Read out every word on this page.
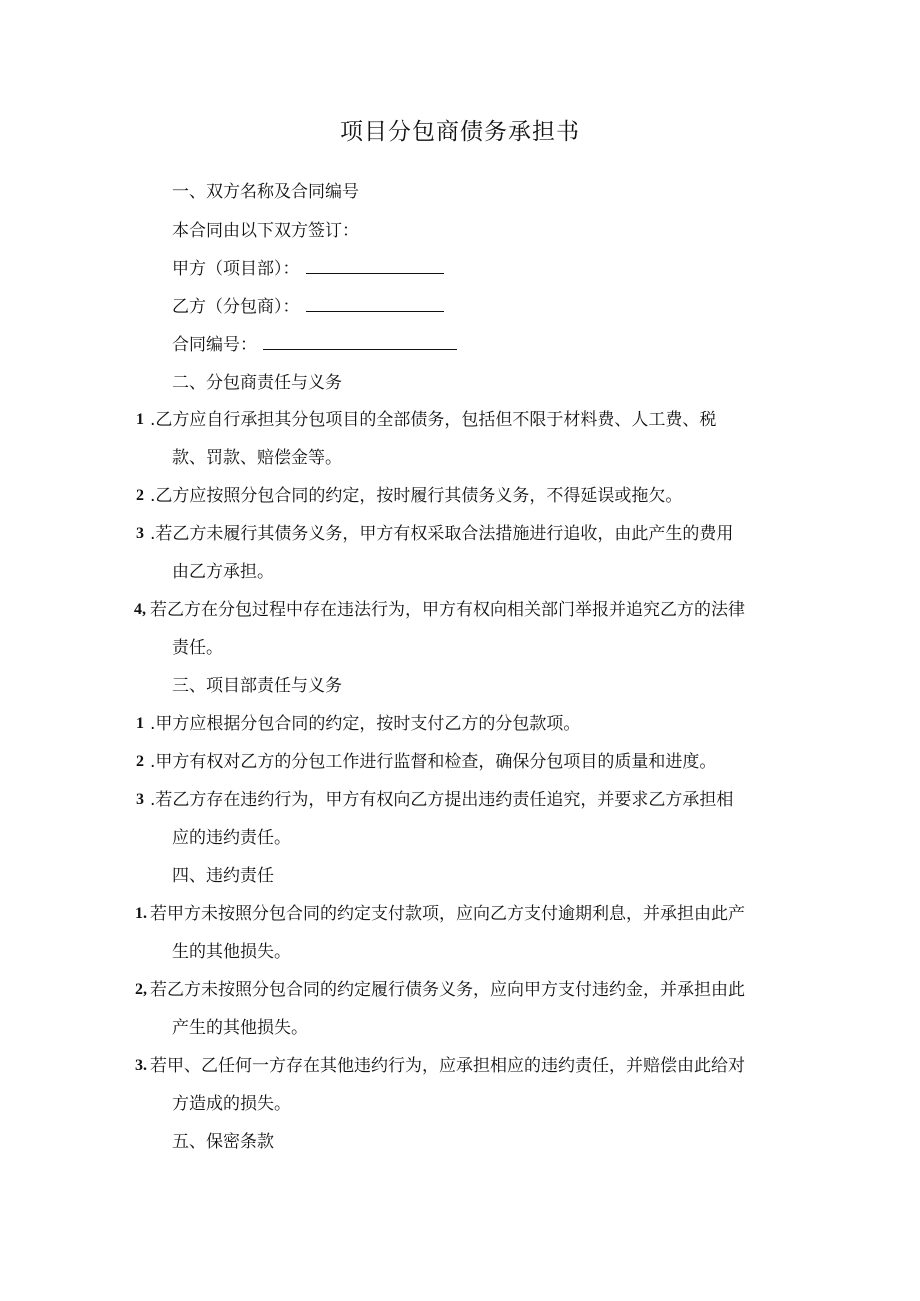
项目分包商债务承担书
一、双方名称及合同编号
本合同由以下双方签订：
甲方（项目部）：
乙方（分包商）：
合同编号：
二、分包商责任与义务
1 .乙方应自行承担其分包项目的全部债务，包括但不限于材料费、人工费、税
款、罚款、赔偿金等。
2 .乙方应按照分包合同的约定，按时履行其债务义务，不得延误或拖欠。
3 .若乙方未履行其债务义务，甲方有权采取合法措施进行追收，由此产生的费用
由乙方承担。
4, 若乙方在分包过程中存在违法行为，甲方有权向相关部门举报并追究乙方的法律
责任。
三、项目部责任与义务
1 .甲方应根据分包合同的约定，按时支付乙方的分包款项。
2 .甲方有权对乙方的分包工作进行监督和检查，确保分包项目的质量和进度。
3 .若乙方存在违约行为，甲方有权向乙方提出违约责任追究，并要求乙方承担相
应的违约责任。
四、违约责任
1. 若甲方未按照分包合同的约定支付款项，应向乙方支付逾期利息，并承担由此产
生的其他损失。
2, 若乙方未按照分包合同的约定履行债务义务，应向甲方支付违约金，并承担由此
产生的其他损失。
3. 若甲、乙任何一方存在其他违约行为，应承担相应的违约责任，并赔偿由此给对
方造成的损失。
五、保密条款
